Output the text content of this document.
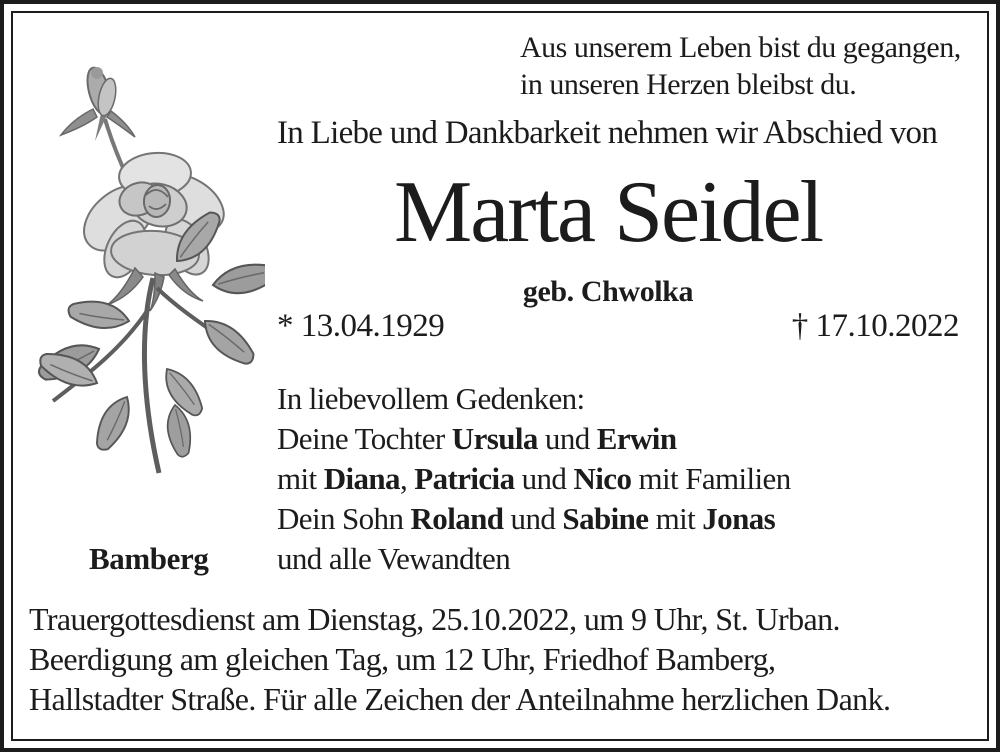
Aus unserem Leben bist du gegangen,
in unseren Herzen bleibst du.
In Liebe und Dankbarkeit nehmen wir Abschied von
Marta Seidel
geb. Chwolka
* 13.04.1929	† 17.10.2022
In liebevollem Gedenken:
Deine Tochter Ursula und Erwin
mit Diana, Patricia und Nico mit Familien
Dein Sohn Roland und Sabine mit Jonas
und alle Vewandten
Bamberg
Trauergottesdienst am Dienstag, 25.10.2022, um 9 Uhr, St. Urban.
Beerdigung am gleichen Tag, um 12 Uhr, Friedhof Bamberg,
Hallstadter Straße. Für alle Zeichen der Anteilnahme herzlichen Dank.
